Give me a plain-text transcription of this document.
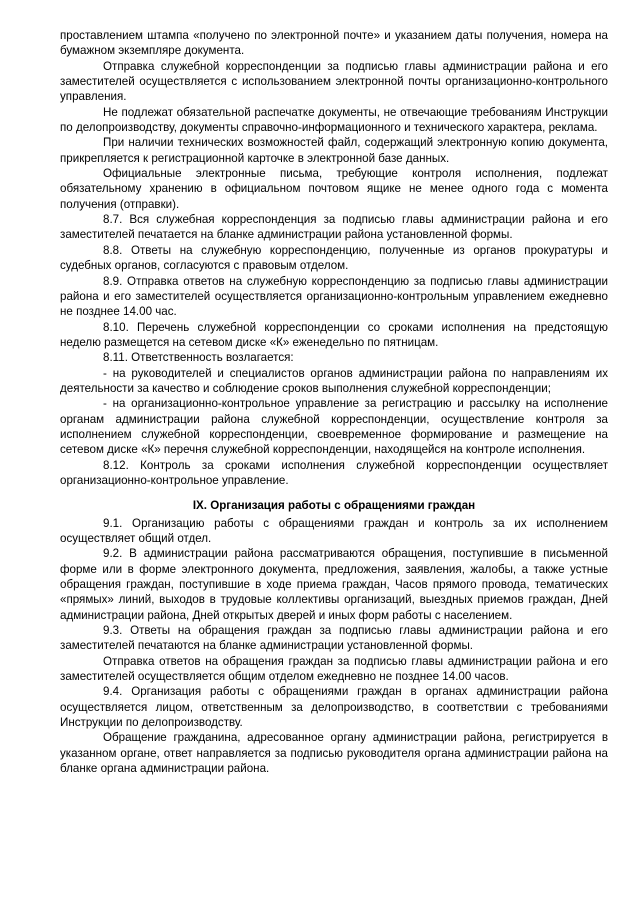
проставлением штампа «получено по электронной почте» и указанием даты получения, номера на бумажном экземпляре документа.

Отправка служебной корреспонденции за подписью главы администрации района и его заместителей осуществляется с использованием электронной почты организационно-контрольного управления.

Не подлежат обязательной распечатке документы, не отвечающие требованиям Инструкции по делопроизводству, документы справочно-информационного и технического характера, реклама.

При наличии технических возможностей файл, содержащий электронную копию документа, прикрепляется к регистрационной карточке в электронной базе данных.

Официальные электронные письма, требующие контроля исполнения, подлежат обязательному хранению в официальном почтовом ящике не менее одного года с момента получения (отправки).

8.7. Вся служебная корреспонденция за подписью главы администрации района и его заместителей печатается на бланке администрации района установленной формы.

8.8. Ответы на служебную корреспонденцию, полученные из органов прокуратуры и судебных органов, согласуются с правовым отделом.

8.9. Отправка ответов на служебную корреспонденцию за подписью главы администрации района и его заместителей осуществляется организационно-контрольным управлением ежедневно не позднее 14.00 час.

8.10. Перечень служебной корреспонденции со сроками исполнения на предстоящую неделю размещется на сетевом диске «К» еженедельно по пятницам.

8.11. Ответственность возлагается:

- на руководителей и специалистов органов администрации района по направлениям их деятельности за качество и соблюдение сроков выполнения служебной корреспонденции;

- на организационно-контрольное управление за регистрацию и рассылку на исполнение органам администрации района служебной корреспонденции, осуществление контроля за исполнением служебной корреспонденции, своевременное формирование и размещение на сетевом диске «К» перечня служебной корреспонденции, находящейся на контроле исполнения.

8.12. Контроль за сроками исполнения служебной корреспонденции осуществляет организационно-контрольное управление.

IX. Организация работы с обращениями граждан

9.1. Организацию работы с обращениями граждан и контроль за их исполнением осуществляет общий отдел.

9.2. В администрации района рассматриваются обращения, поступившие в письменной форме или в форме электронного документа, предложения, заявления, жалобы, а также устные обращения граждан, поступившие в ходе приема граждан, Часов прямого провода, тематических «прямых» линий, выходов в трудовые коллективы организаций, выездных приемов граждан, Дней администрации района, Дней открытых дверей и иных форм работы с населением.

9.3. Ответы на обращения граждан за подписью главы администрации района и его заместителей печатаются на бланке администрации установленной формы.

Отправка ответов на обращения граждан за подписью главы администрации района и его заместителей осуществляется общим отделом ежедневно не позднее 14.00 часов.

9.4. Организация работы с обращениями граждан в органах администрации района осуществляется лицом, ответственным за делопроизводство, в соответствии с требованиями Инструкции по делопроизводству.

Обращение гражданина, адресованное органу администрации района, регистрируется в указанном органе, ответ направляется за подписью руководителя органа администрации района на бланке органа администрации района.
